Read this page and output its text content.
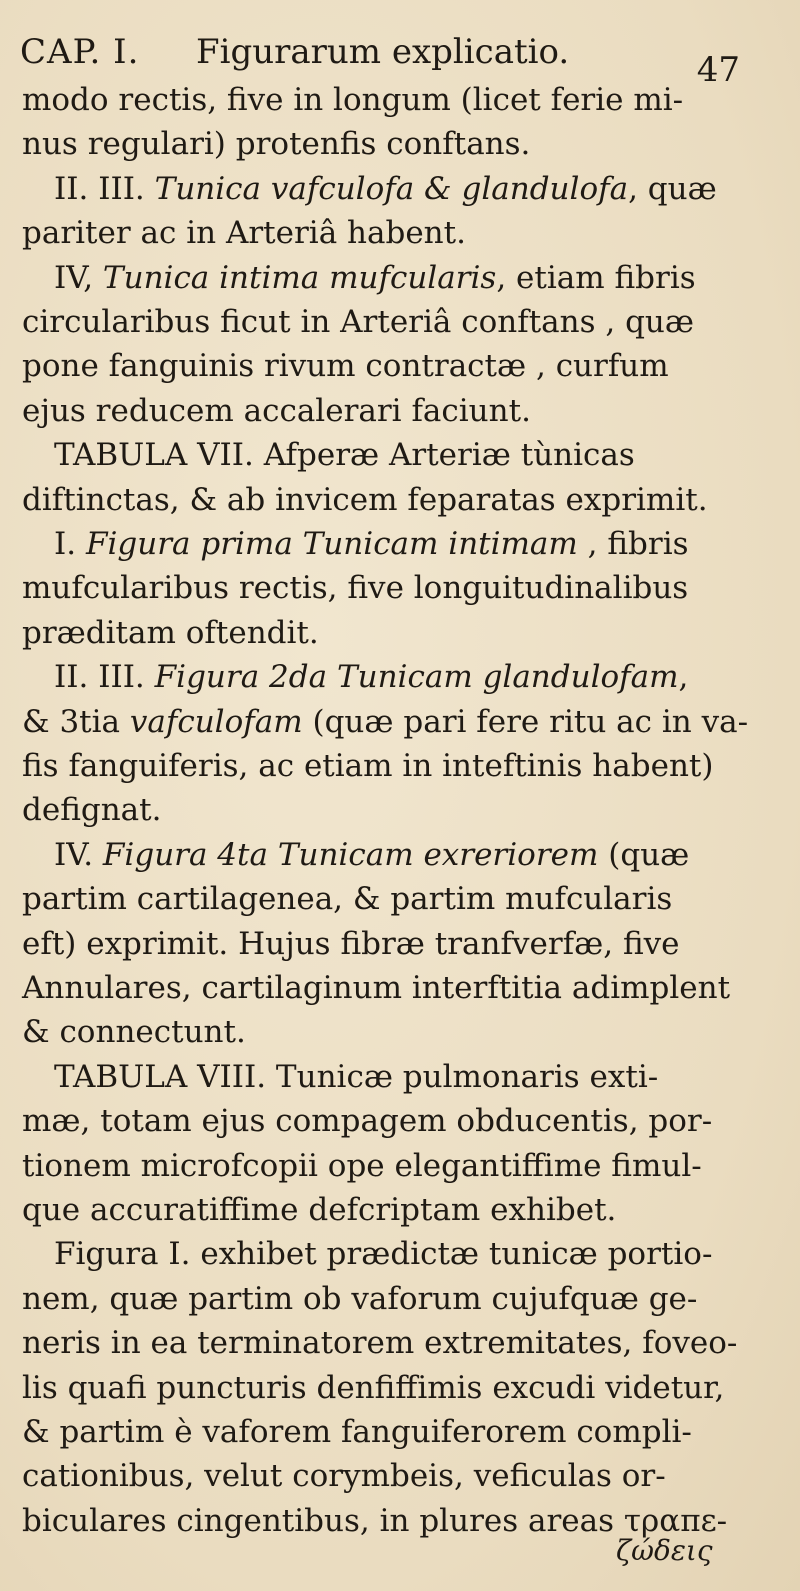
CAP. I. Figurarum explicatio.	47
modo rectis, five in longum (licet ferie mi-
nus regulari) protenfis conftans.
II. III. Tunica vafculofa & glandulofa, quæ
pariter ac in Arteriâ habent.
IV, Tunica intima mufcularis, etiam fibris
circularibus ficut in Arteriâ conftans , quæ
pone fanguinis rivum contractæ , curfum
ejus reducem accalerari faciunt.
TABULA VII. Afperæ Arteriæ tùnicas
diftinctas, & ab invicem feparatas exprimit.
I. Figura prima Tunicam intimam , fibris
mufcularibus rectis, five longuitudinalibus
præditam oftendit.
II. III. Figura 2da Tunicam glandulofam,
& 3tia vafculofam (quæ pari fere ritu ac in va-
fis fanguiferis, ac etiam in inteftinis habent)
defignat.
IV. Figura 4ta Tunicam exreriorem (quæ
partim cartilagenea, & partim mufcularis
eft) exprimit. Hujus fibræ tranfverfæ, five
Annulares, cartilaginum interftitia adimplent
& connectunt.
TABULA VIII. Tunicæ pulmonaris exti-
mæ, totam ejus compagem obducentis, por-
tionem microfcopii ope elegantiffime fimul-
que accuratiffime defcriptam exhibet.
Figura I. exhibet prædictæ tunicæ portio-
nem, quæ partim ob vaforum cujufquæ ge-
neris in ea terminatorem extremitates, foveo-
lis quafi puncturis denfiffimis excudi videtur,
& partim è vaforem fanguiferorem compli-
cationibus, velut corymbeis, veficulas or-
biculares cingentibus, in plures areas τραπε-
ζώδεις
